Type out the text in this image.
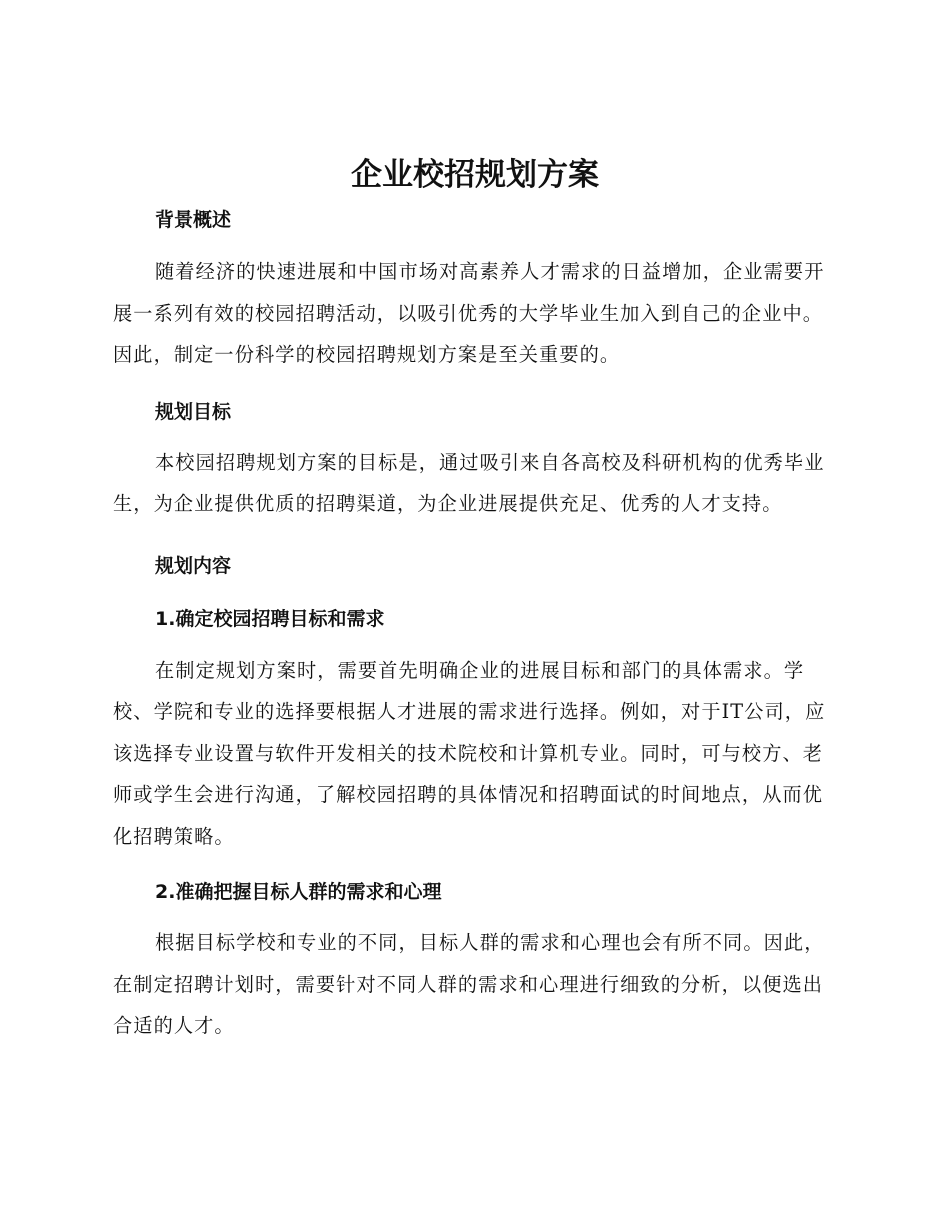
企业校招规划方案
背景概述

随着经济的快速进展和中国市场对高素养人才需求的日益增加，企业需要开展一系列有效的校园招聘活动，以吸引优秀的大学毕业生加入到自己的企业中。因此，制定一份科学的校园招聘规划方案是至关重要的。

规划目标

本校园招聘规划方案的目标是，通过吸引来自各高校及科研机构的优秀毕业生，为企业提供优质的招聘渠道，为企业进展提供充足、优秀的人才支持。

规划内容
1.确定校园招聘目标和需求

在制定规划方案时，需要首先明确企业的进展目标和部门的具体需求。学校、学院和专业的选择要根据人才进展的需求进行选择。例如，对于IT公司，应该选择专业设置与软件开发相关的技术院校和计算机专业。同时，可与校方、老师或学生会进行沟通，了解校园招聘的具体情况和招聘面试的时间地点，从而优化招聘策略。

2.准确把握目标人群的需求和心理

根据目标学校和专业的不同，目标人群的需求和心理也会有所不同。因此，在制定招聘计划时，需要针对不同人群的需求和心理进行细致的分析，以便选出合适的人才。
